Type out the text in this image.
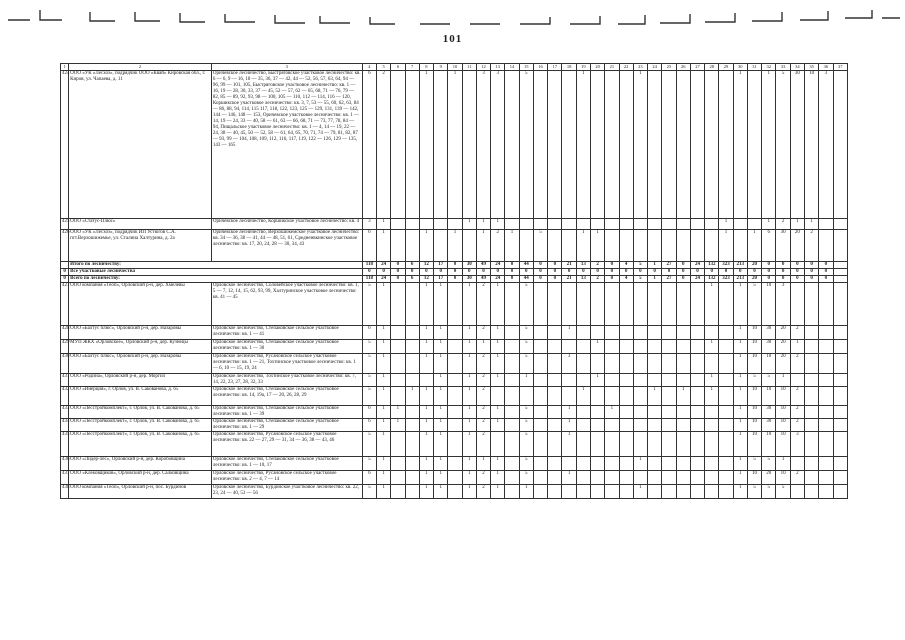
101
1	2	3	4	5	6	7	8	9	10	11	12	13	14	15	16	17	18	19	20	21	22	23	24	25	26	27	28	29	30	31	32	33	34	35	36	37
424	ООО «УК «Лесхоз», подрядчик ООО «Квай» Кировская обл., г. Киров, ул. Чапаева, д. 11	Оричевское лесничество, Быстряговское участковое лесничество: кв. 6 — 6, 9 — 16, 18 — 35, 36, 37 — 42, 44 — 52, 56, 57, 63, 64, 94 — 96, 99 — 101, 105, Быстряговское участковое лесничество: кв. 1 — 16, 19 — 28, 30, 33, 37 — 45, 52 — 57, 62 — 65, 68, 71 — 76, 79 — 82, 85 — 89, 92, 93, 98 — 100, 105 — 110, 112 — 114, 116 — 120, Коршикское участковое лесничество: кв. 3, 7, 53 — 55, 60, 62, 63, 84 — 86, 88, 94, 114, 115 117, 118, 122, 123, 125 — 129, 131, 139 — 142, 144 — 146, 148 — 153, Оричевское участковое лесничество: кв. 1 — 14, 19 — 24, 33 — 40, 58 — 61, 63 — 66, 68, 71 — 73, 77, 78, 84 — 94, Пищальское участковое лесничество: кв. 1 — 4, 14 — 19, 22 — 24, 38 — 40, 45, 50 — 52, 58 — 61, 64, 65, 70, 71, 74 — 79, 81, 82, 87 — 93, 99 — 104, 108, 109, 112, 116, 117, 119, 122 — 126, 129 — 135, 143 — 165	6	2			1		1		3	3		5				1				1							1		1	5	30	10	3	
425	ООО «Статус-Плюс»	Оричевское лесничество, Коршикское участковое лесничество: кв. 4	3	1						1	1	1																1			1	2	1	1		
426	ООО «УК «Лесхоз», подрядчик ИП Устюгов С.А. пгт.Верхошижемье, ул. Сталина Халтурина, д. 2а	Оричевское лесничество, Верхошижемское участковое лесничество: кв. 34 — 36, 38 — 41, 44 — 48, 51, 61, Среднеивкинское участковое лесничество: кв. 17, 20, 24, 28 — 30, 34, 43	6	1			1		1		1	2	1		5			1	1									1		1	6	30	20	2		
	Итого по лесничеству:		118	24	0	6	12	17	0	30	49	24	0	44	0	0	21	13	2	0	4	5	1	27	0	24	132	323	213	20	0	0	0	0	0	
0	Все участковые лесничества		0	0	0	0	0	0	0	0	0	0	0	0	0	0	0	0	0	0	0	0	0	0	0	0	0	0	0	0	0	0	0	0	0	
0	Всего по лесничеству:		118	24	0	6	12	17	0	30	49	24	0	44	0	0	21	13	2	0	4	5	1	27	0	24	132	323	213	20	0	0	0	0	0	
427	ООО компания «Теоп», Орловский р-н, дер. Хмелевы	Орловское лесничество, Соловейское участковое лесничество: кв. 1, 5 — 7, 12, 14, 15, 62, 93, 99, Халтуринское участковое лесничество: кв. 41 — 45	5	1			1	1		1	2	1		5													1		1	5	10	3				
428	ООО «Балтус плюс», Орловский р-н, дер. Назаровы	Орловское лесничество, Степаковское сельское участковое лесничество: кв. 1 — 41	6	1			1	1		1	2	1		5			1												1	10	30	20	2			
429	МУП ЖКХ «Орловское», Орловский р-н, дер. Кузнецы	Орловское лесничество, Степаковское сельское участковое лесничество: кв. 1 — 30	5	1			1	1		1	1	1		5					1								1		1	10	30	20	1			
430	ООО «Балтус плюс», Орловский р-н, дер. Назаровы	Орловское лесничество, Русановское сельское участковое лесничество: кв. 1 — 21, Тохтинское участковое лесничество: кв. 1 — 6, 10 — 15, 19, 24	5	1			1	1		1	2	1		5			3												1	10	10	20	2			
431	ООО «Родина», Орловский р-н, дер. Моргил	Орловское лесничество, Тохтинское участковое лесничество: кв. 7, 14, 22, 23, 27, 28, 32, 33	5	1				1		1	2	1		1					1								1		1	5	5	1				
432	ООО «Инерция», г. Орлов, ул. В. Сакованова, д. 65	Орловское лесничество, Степаковское сельское участковое лесничество: кв. 14, 19а, 17 — 20, 26, 28, 29	5	1		1	1	1		1	2							1					1		1		1		1	10	10	10	2			
433	ООО «Лесстройкомплект», г. Орлов, ул. В. Сакованова, д. 65	Орловское лесничество, Степаковское сельское участковое лесничество: кв. 1 — 39	6	1	1		1	1		1	2	1		5			1			1									1	10	30	10	2			
434	ООО «Лесстройкомплект», г. Орлов, ул. В. Сакованова, д. 65	Орловское лесничество, Степаковское сельское участковое лесничество: кв. 1 — 29	6	1	1		1	1		1	2	1		5			1												1	10	30	10	2			
435	ООО «Лесстройкомплект», г. Орлов, ул. В. Сакованова, д. 65	Орловское лесничество, Русановское сельское участковое лесничество: кв. 22 — 27, 29 — 31, 34 — 36, 38 — 43, 46	5	1			1	1		1	2			5			1												1	10	10	10	3			
436	ООО «Лидер-лес», Орловский р-н, дер. Коробовщина	Орловское лесничество, Степаковское сельское участковое лесничество: кв. 1 — 10, 17	5	1			1	1		1	1	1		5								1							1	5	5	1				
437	ООО «Клековщиков», Орловский р-н, дер. Салковщина	Орловское лесничество, Русановское сельское участковое лесничество: кв. 2 — 4, 7 — 14	6	1			1	1		1	2	1		5			1												1	10	20	10	2			
438	ООО компания «Теоп», Орловский р-н, пос. Бурдинов	Орловское лесничество, Бурдинское участковое лесничество: кв. 22, 23, 24 — 40, 53 — 56	5	1			1	1		1	2	1		1								1							1	5	5	5				
